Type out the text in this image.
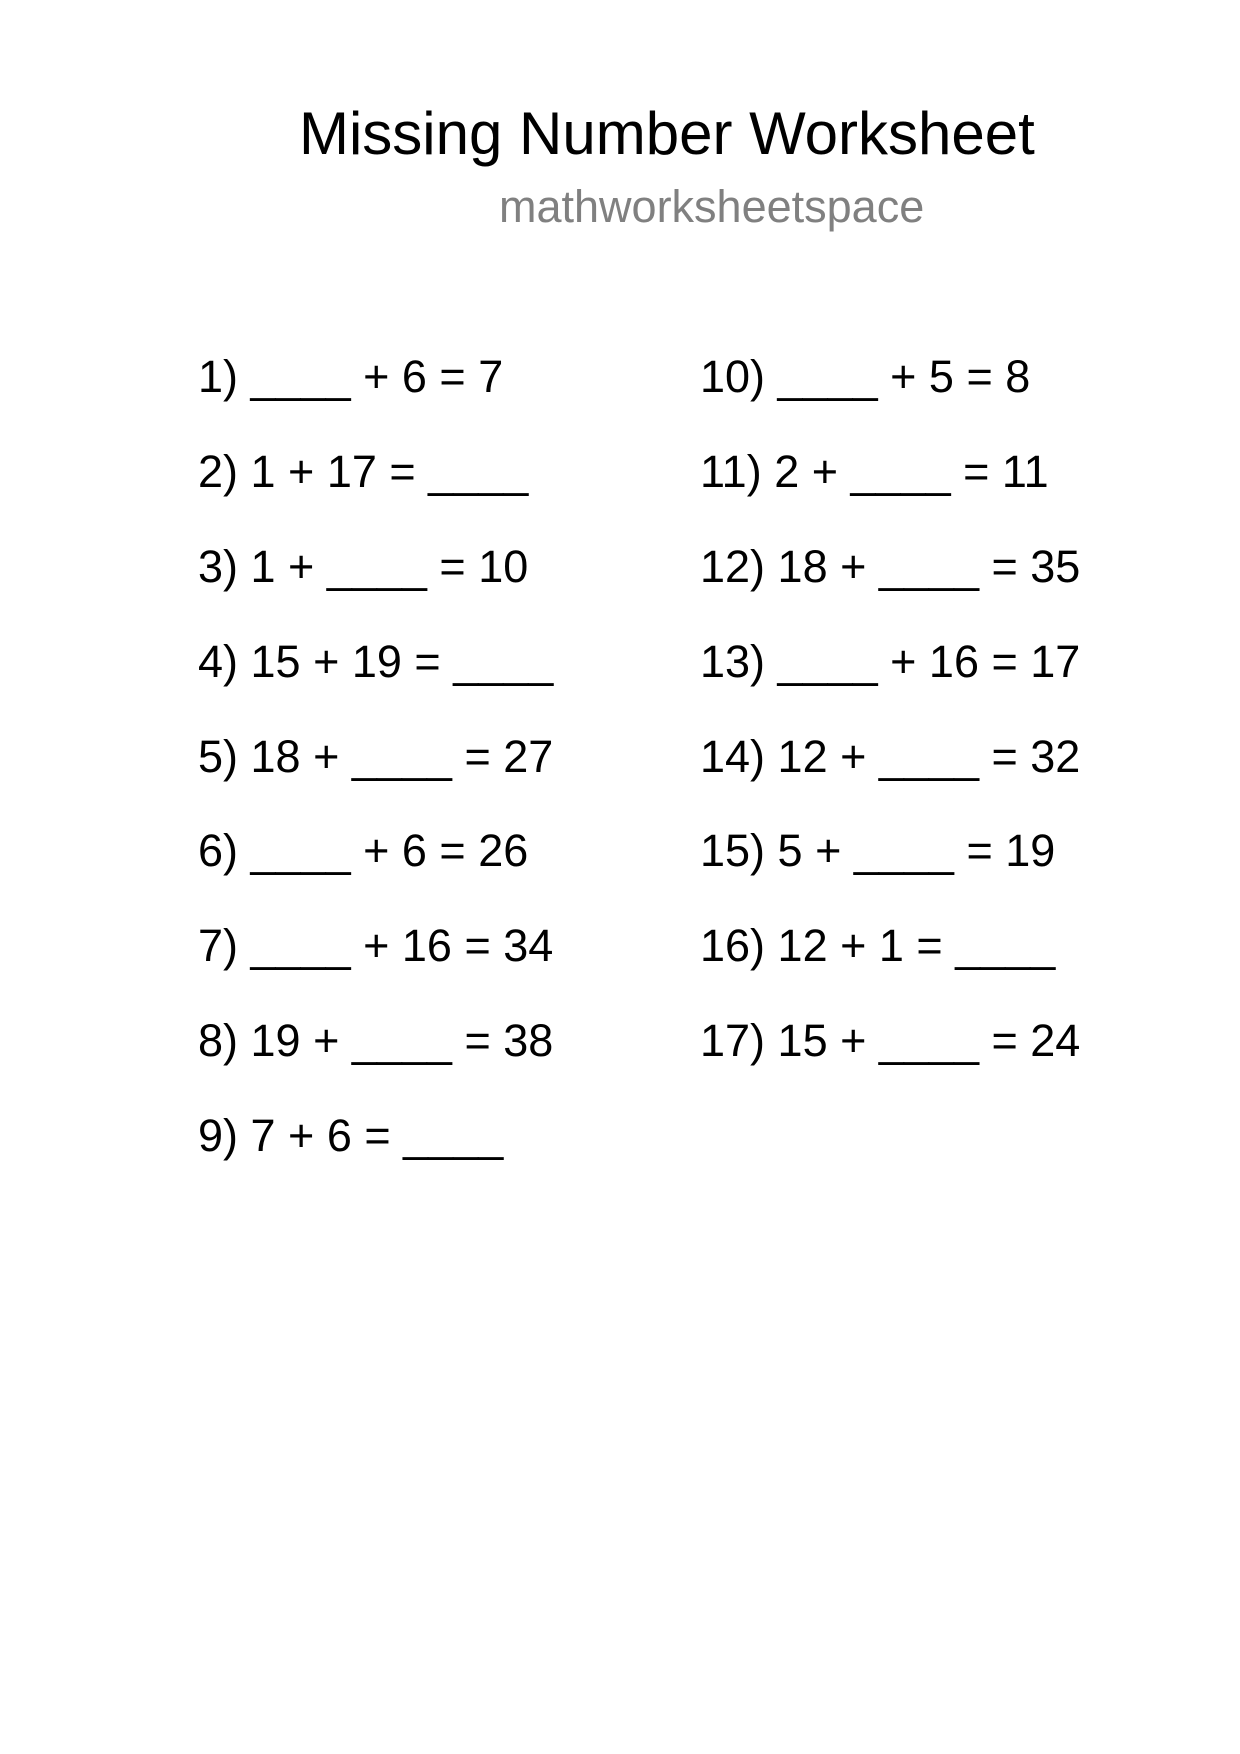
Missing Number Worksheet
mathworksheetspace
1) ____ + 6 = 7
2) 1 + 17 = ____
3) 1 + ____ = 10
4) 15 + 19 = ____
5) 18 + ____ = 27
6) ____ + 6 = 26
7) ____ + 16 = 34
8) 19 + ____ = 38
9) 7 + 6 = ____
10) ____ + 5 = 8
11) 2 + ____ = 11
12) 18 + ____ = 35
13) ____ + 16 = 17
14) 12 + ____ = 32
15) 5 + ____ = 19
16) 12 + 1 = ____
17) 15 + ____ = 24
